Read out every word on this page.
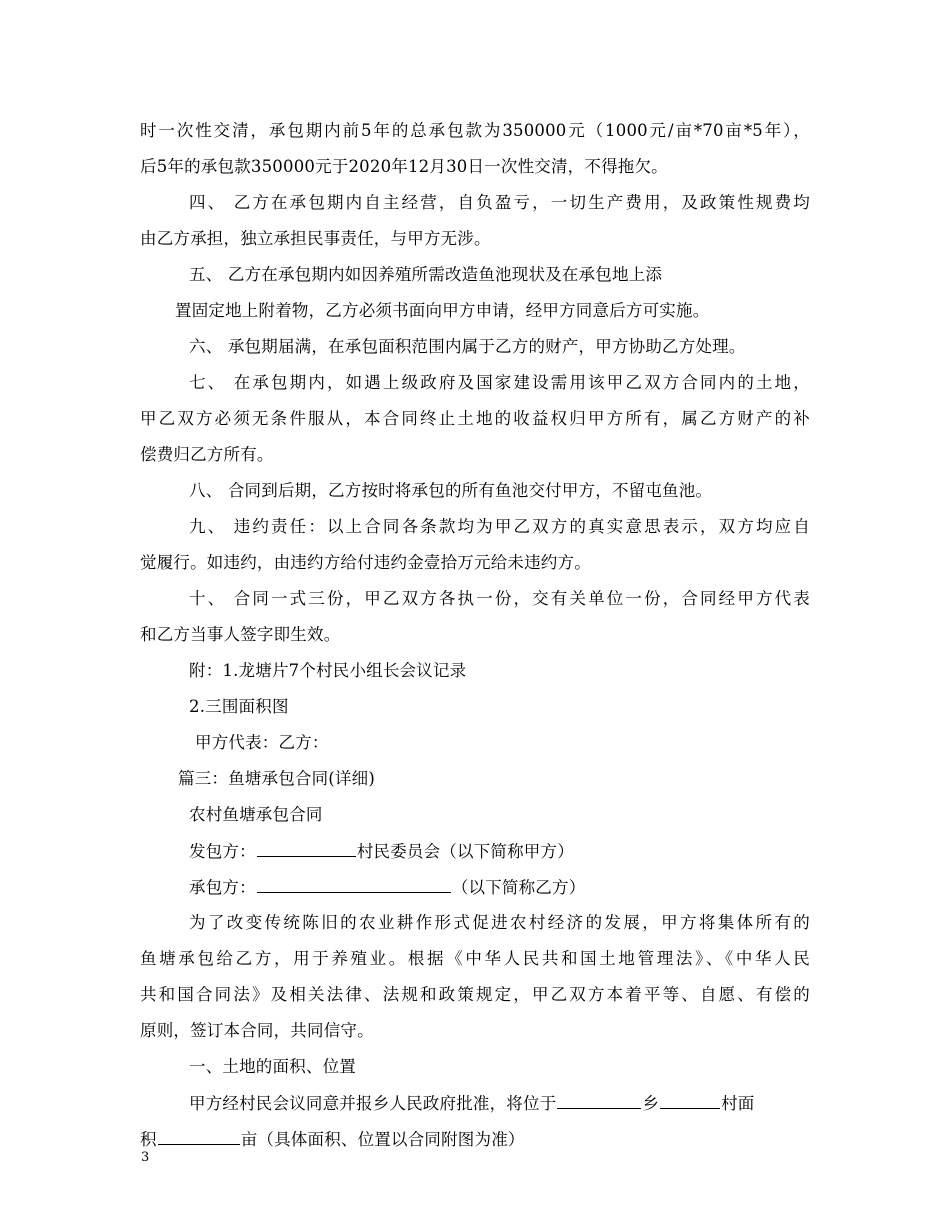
时一次性交清，承包期内前5年的总承包款为350000元（1000元/亩*70亩*5年），
后5年的承包款350000元于2020年12月30日一次性交清，不得拖欠。
四、 乙方在承包期内自主经营，自负盈亏，一切生产费用，及政策性规费均
由乙方承担，独立承担民事责任，与甲方无涉。
五、 乙方在承包期内如因养殖所需改造鱼池现状及在承包地上添
置固定地上附着物，乙方必须书面向甲方申请，经甲方同意后方可实施。
六、 承包期届满，在承包面积范围内属于乙方的财产，甲方协助乙方处理。
七、 在承包期内，如遇上级政府及国家建设需用该甲乙双方合同内的土地，
甲乙双方必须无条件服从，本合同终止土地的收益权归甲方所有，属乙方财产的补
偿费归乙方所有。
八、 合同到后期，乙方按时将承包的所有鱼池交付甲方，不留屯鱼池。
九、 违约责任：以上合同各条款均为甲乙双方的真实意思表示，双方均应自
觉履行。如违约，由违约方给付违约金壹拾万元给未违约方。
十、 合同一式三份，甲乙双方各执一份，交有关单位一份，合同经甲方代表
和乙方当事人签字即生效。
附：1.龙塘片7个村民小组长会议记录
2.三围面积图
甲方代表：乙方：
篇三：鱼塘承包合同(详细)
农村鱼塘承包合同
发包方：	村民委员会（以下简称甲方）
承包方：	（以下简称乙方）
为了改变传统陈旧的农业耕作形式促进农村经济的发展，甲方将集体所有的
鱼塘承包给乙方，用于养殖业。根据《中华人民共和国土地管理法》、《中华人民
共和国合同法》及相关法律、法规和政策规定，甲乙双方本着平等、自愿、有偿的
原则，签订本合同，共同信守。
一、土地的面积、位置
甲方经村民会议同意并报乡人民政府批准，将位于	乡	村面
积	亩（具体面积、位置以合同附图为准）
3
